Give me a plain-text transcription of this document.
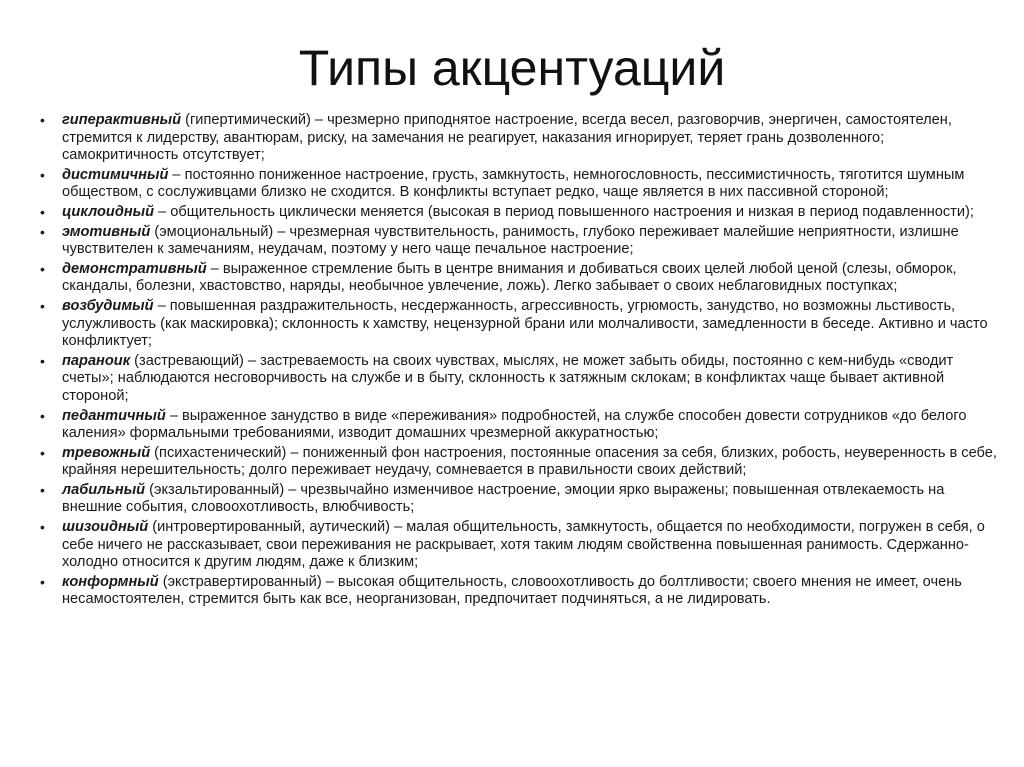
Типы акцентуаций
• гиперактивный (гипертимический) – чрезмерно приподнятое настроение, всегда весел, разговорчив, энергичен, самостоятелен, стремится к лидерству, авантюрам, риску, на замечания не реагирует, наказания игнорирует, теряет грань дозволенного; самокритичность отсутствует;
• дистимичный – постоянно пониженное настроение, грусть, замкнутость, немногословность, пессимистичность, тяготится шумным обществом, с сослуживцами близко не сходится. В конфликты вступает редко, чаще является в них пассивной стороной;
• циклоидный – общительность циклически меняется (высокая в период повышенного настроения и низкая в период подавленности);
• эмотивный (эмоциональный) – чрезмерная чувствительность, ранимость, глубоко переживает малейшие неприятности, излишне чувствителен к замечаниям, неудачам, поэтому у него чаще печальное настроение;
• демонстративный – выраженное стремление быть в центре внимания и добиваться своих целей любой ценой (слезы, обморок, скандалы, болезни, хвастовство, наряды, необычное увлечение, ложь). Легко забывает о своих неблаговидных поступках;
• возбудимый – повышенная раздражительность, несдержанность, агрессивность, угрюмость, занудство, но возможны льстивость, услужливость (как маскировка); склонность к хамству, нецензурной брани или молчаливости, замедленности в беседе. Активно и часто конфликтует;
• параноик (застревающий) – застреваемость на своих чувствах, мыслях, не может забыть обиды, постоянно с кем-нибудь «сводит счеты»; наблюдаются несговорчивость на службе и в быту, склонность к затяжным склокам; в конфликтах чаще бывает активной стороной;
• педантичный – выраженное занудство в виде «переживания» подробностей, на службе способен довести сотрудников «до белого каления» формальными требованиями, изводит домашних чрезмерной аккуратностью;
• тревожный (психастенический) – пониженный фон настроения, постоянные опасения за себя, близких, робость, неуверенность в себе, крайняя нерешительность; долго переживает неудачу, сомневается в правильности своих действий;
• лабильный (экзальтированный) – чрезвычайно изменчивое настроение, эмоции ярко выражены; повышенная отвлекаемость на внешние события, словоохотливость, влюбчивость;
• шизоидный (интровертированный, аутический) – малая общительность, замкнутость, общается по необходимости, погружен в себя, о себе ничего не рассказывает, свои переживания не раскрывает, хотя таким людям свойственна повышенная ранимость. Сдержанно-холодно относится к другим людям, даже к близким;
• конформный (экстравертированный) – высокая общительность, словоохотливость до болтливости; своего мнения не имеет, очень несамостоятелен, стремится быть как все, неорганизован, предпочитает подчиняться, а не лидировать.
